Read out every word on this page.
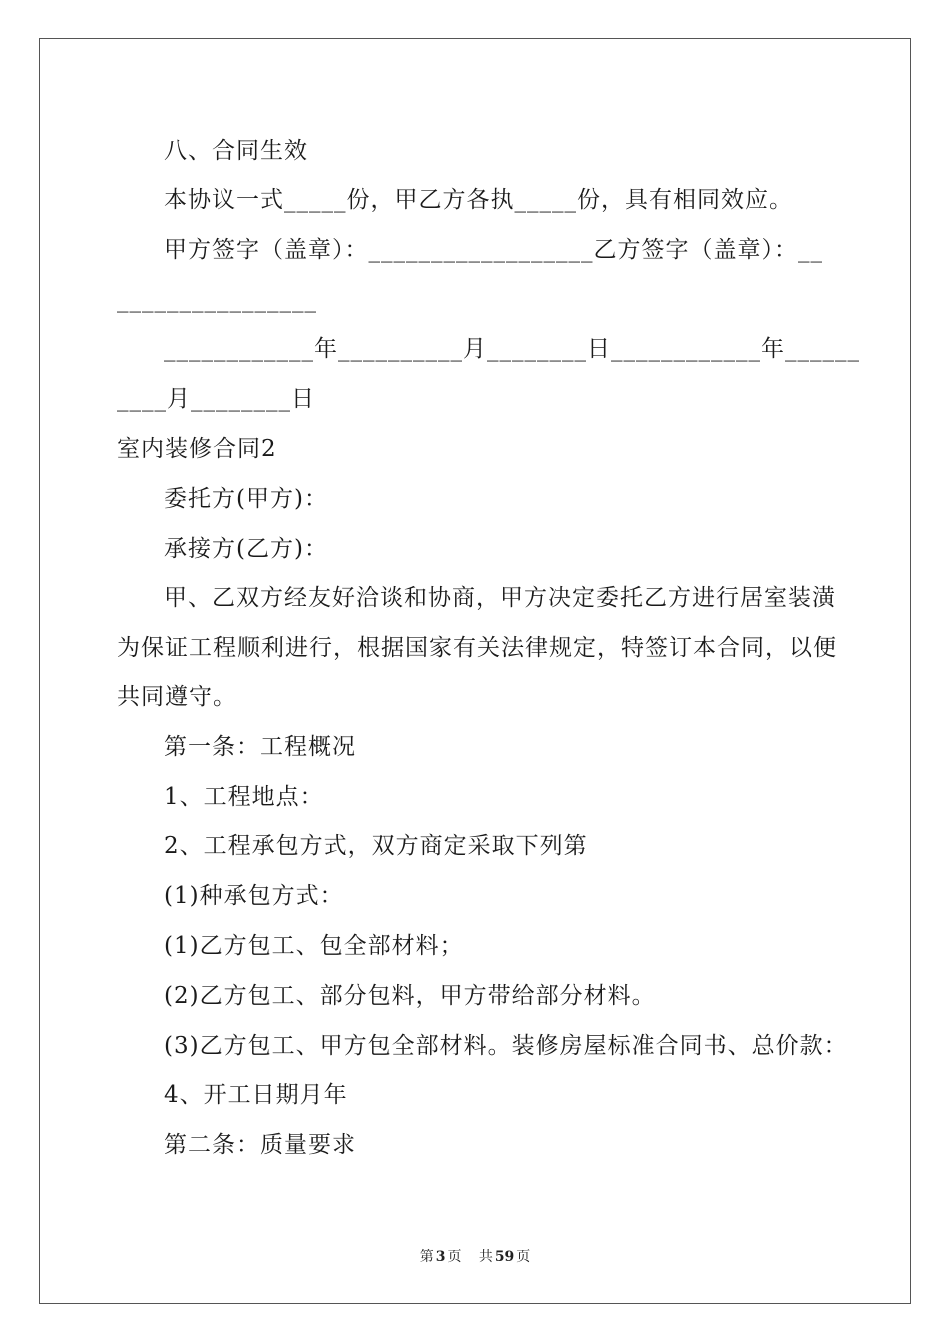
八、合同生效
本协议一式_____份，甲乙方各执_____份，具有相同效应。
甲方签字（盖章）：__________________乙方签字（盖章）：__
________________
____________年__________月________日____________年______
____月________日
室内装修合同2
委托方(甲方)：
承接方(乙方)：
甲、乙双方经友好洽谈和协商，甲方决定委托乙方进行居室装潢
为保证工程顺利进行，根据国家有关法律规定，特签订本合同，以便
共同遵守。
第一条：工程概况
1、工程地点：
2、工程承包方式，双方商定采取下列第
(1)种承包方式：
(1)乙方包工、包全部材料；
(2)乙方包工、部分包料，甲方带给部分材料。
(3)乙方包工、甲方包全部材料。装修房屋标准合同书、总价款：
4、开工日期月年
第二条：质量要求
第 3 页 共 59 页
